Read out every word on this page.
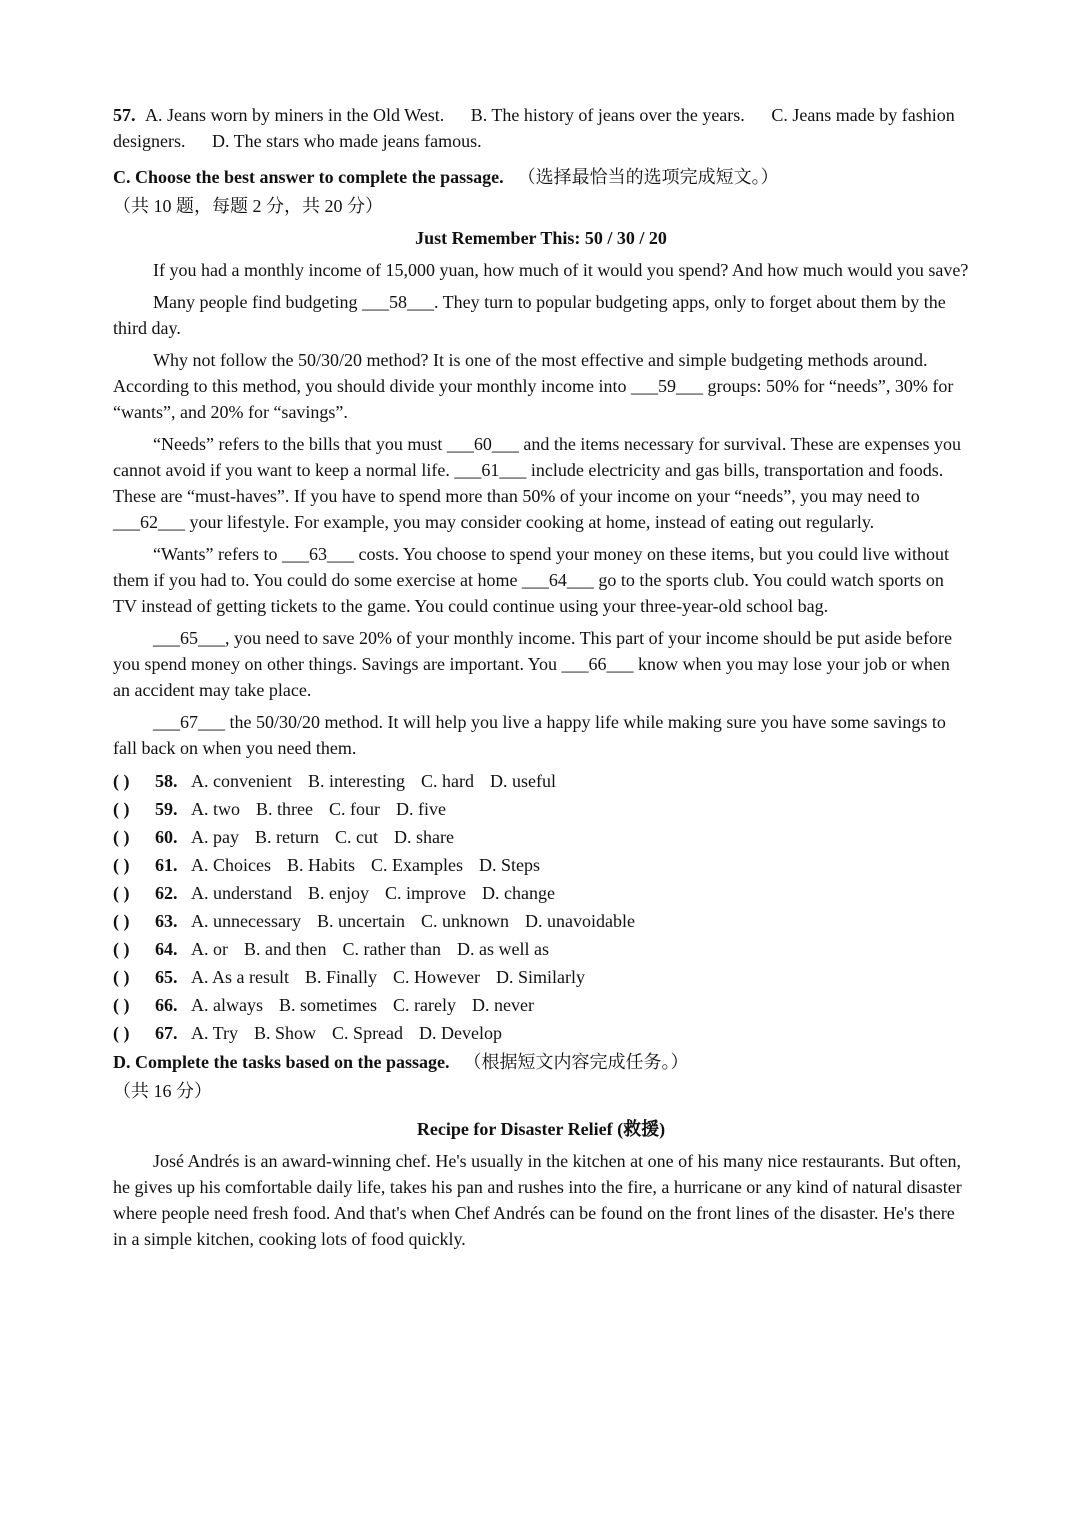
57. A. Jeans worn by miners in the Old West. B. The history of jeans over the years. C. Jeans made by fashion designers. D. The stars who made jeans famous.

C. Choose the best answer to complete the passage. （选择最恰当的选项完成短文。）

（共 10 题，每题 2 分，共 20 分）

Just Remember This: 50 / 30 / 20

If you had a monthly income of 15,000 yuan, how much of it would you spend? And how much would you save?

Many people find budgeting ___58___. They turn to popular budgeting apps, only to forget about them by the third day.

Why not follow the 50/30/20 method? It is one of the most effective and simple budgeting methods around. According to this method, you should divide your monthly income into ___59___ groups: 50% for “needs”, 30% for “wants”, and 20% for “savings”.

“Needs” refers to the bills that you must ___60___ and the items necessary for survival. These are expenses you cannot avoid if you want to keep a normal life. ___61___ include electricity and gas bills, transportation and foods. These are “must-haves”. If you have to spend more than 50% of your income on your “needs”, you may need to ___62___ your lifestyle. For example, you may consider cooking at home, instead of eating out regularly.

“Wants” refers to ___63___ costs. You choose to spend your money on these items, but you could live without them if you had to. You could do some exercise at home ___64___ go to the sports club. You could watch sports on TV instead of getting tickets to the game. You could continue using your three-year-old school bag.

___65___, you need to save 20% of your monthly income. This part of your income should be put aside before you spend money on other things. Savings are important. You ___66___ know when you may lose your job or when an accident may take place.

___67___ the 50/30/20 method. It will help you live a happy life while making sure you have some savings to fall back on when you need them.

( ) 58. A. convenient B. interesting C. hard D. useful
( ) 59. A. two B. three C. four D. five
( ) 60. A. pay B. return C. cut D. share
( ) 61. A. Choices B. Habits C. Examples D. Steps
( ) 62. A. understand B. enjoy C. improve D. change
( ) 63. A. unnecessary B. uncertain C. unknown D. unavoidable
( ) 64. A. or B. and then C. rather than D. as well as
( ) 65. A. As a result B. Finally C. However D. Similarly
( ) 66. A. always B. sometimes C. rarely D. never
( ) 67. A. Try B. Show C. Spread D. Develop

D. Complete the tasks based on the passage. （根据短文内容完成任务。）

（共 16 分）

Recipe for Disaster Relief (救援)

José Andrés is an award-winning chef. He's usually in the kitchen at one of his many nice restaurants. But often, he gives up his comfortable daily life, takes his pan and rushes into the fire, a hurricane or any kind of natural disaster where people need fresh food. And that's when Chef Andrés can be found on the front lines of the disaster. He's there in a simple kitchen, cooking lots of food quickly.
